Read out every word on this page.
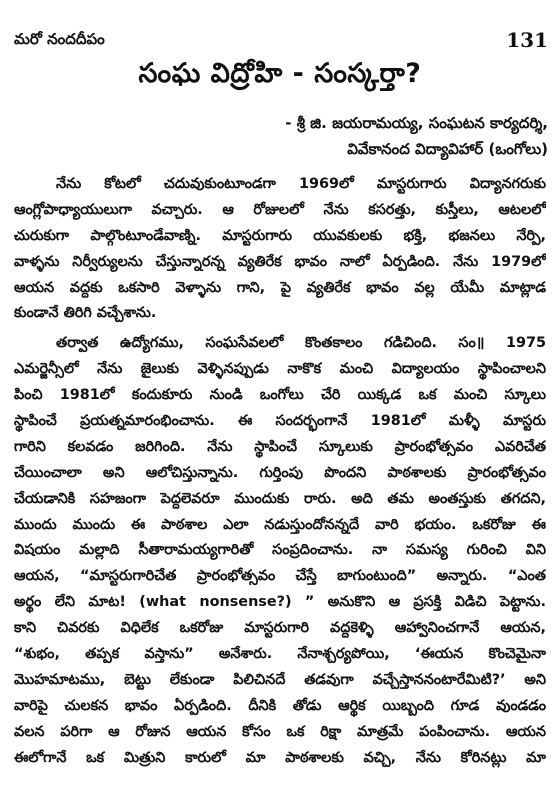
మరో నందదీపం	131
సంఘ విద్రోహి - సంస్కర్తా?
- శ్రీ జి. జయరామయ్య, సంఘటన కార్యదర్శి,
వివేకానంద విద్యావిహార్ (ఒంగోలు)
నేను కోటలో చదువుకుంటూండగా 1969లో మాస్టరుగారు విద్యానగరుకు
ఆంగ్లోపాధ్యాయులుగా వచ్చారు. ఆ రోజులలో నేను కసరత్తు, కుస్తీలు, ఆటలలో
చురుకుగా పాల్గొంటూండేవాణ్ని. మాస్టరుగారు యువకులకు భక్తి, భజనలు నేర్పి,
వాళ్ళను నిర్వీర్యులను చేస్తున్నారన్న వ్యతిరేక భావం నాలో ఏర్పడింది. నేను 1979లో
ఆయన వద్దకు ఒకసారి వెళ్ళాను గాని, పై వ్యతిరేక భావం వల్ల యేమీ మాట్లాడ
కుండానే తిరిగి వచ్చేశాను.
తర్వాత ఉద్యోగము, సంఘసేవలలో కొంతకాలం గడిచింది. సం॥ 1975
ఎమర్జెన్సీలో నేను జైలుకు వెళ్ళినప్పుడు నాకొక మంచి విద్యాలయం స్థాపించాలని
పించి 1981లో కందుకూరు నుండి ఒంగోలు చేరి యిక్కడ ఒక మంచి స్కూలు
స్థాపించే ప్రయత్నమారంభించాను. ఈ సందర్భంగానే 1981లో మళ్ళీ మాస్టరు
గారిని కలవడం జరిగింది. నేను స్థాపించే స్కూలుకు ప్రారంభోత్సవం ఎవరిచేత
చేయించాలా అని ఆలోచిస్తున్నాను. గుర్తింపు పొందని పాఠశాలకు ప్రారంభోత్సవం
చేయడానికి సహజంగా పెద్దలెవరూ ముందుకు రారు. అది తమ అంతస్తుకు తగదని,
ముందు ముందు ఈ పాఠశాల ఎలా నడుస్తుందోనన్నదే వారి భయం. ఒకరోజు ఈ
విషయం మల్లాది సీతారామయ్యగారితో సంప్రదించాను. నా సమస్య గురించి విని
ఆయన, “మాస్టరుగారిచేత ప్రారంభోత్సవం చేస్తే బాగుంటుంది” అన్నారు. “ఎంత
అర్థం లేని మాట! (what nonsense?) ” అనుకొని ఆ ప్రసక్తి విడిచి పెట్టాను.
కాని చివరకు విధిలేక ఒకరోజు మాస్టరుగారి వద్దకెళ్ళి ఆహ్వానించగానే ఆయన,
“శుభం, తప్పక వస్తాను” అనేశారు. నేనాశ్చర్యపోయి, ‘ఈయన కొంచెమైనా
మొహమాటము, బెట్టు లేకుండా పిలిచినదే తడవుగా వచ్చేస్తాననంటారేమిటి?’ అని
వారిపై చులకన భావం ఏర్పడింది. దీనికి తోడు ఆర్థిక యిబ్బంది గూడ వుండడం
వలన పరిగా ఆ రోజున ఆయన కోసం ఒక రిక్షా మాత్రమే పంపించాను. ఆయన
ఈలోగానే ఒక మిత్రుని కారులో మా పాఠశాలకు వచ్చి, నేను కోరినట్లు మా
